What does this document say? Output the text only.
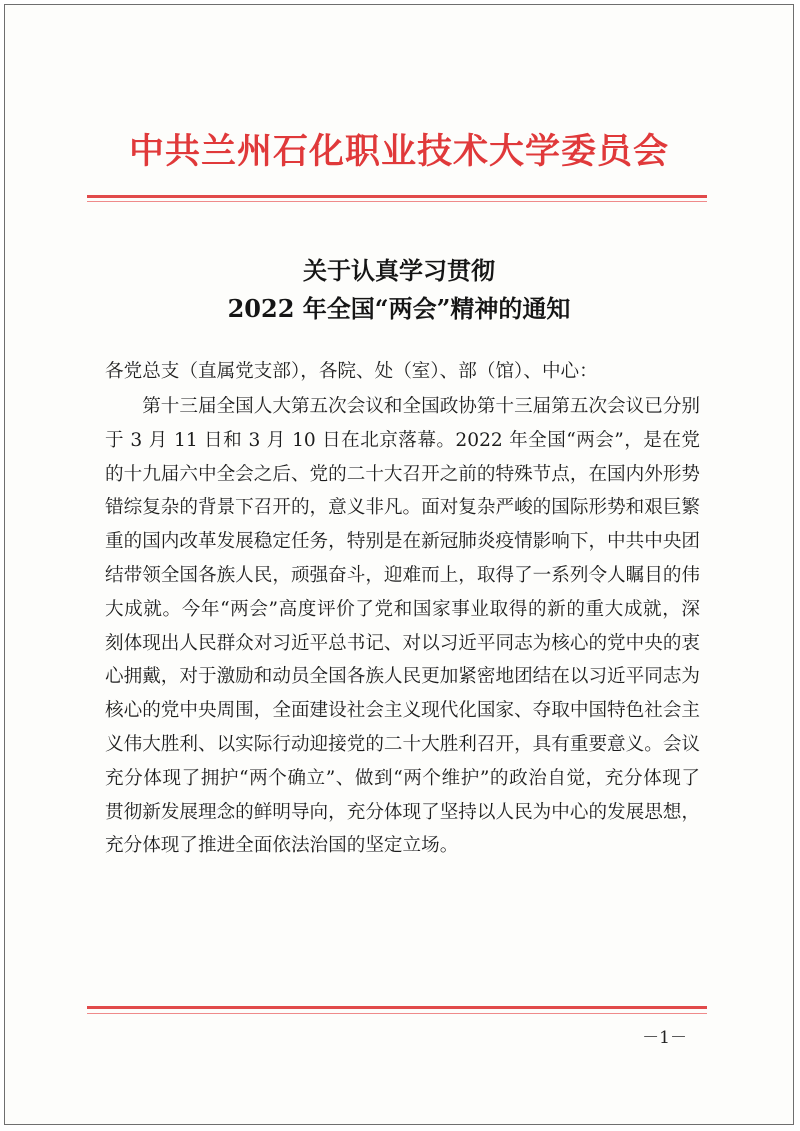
中共兰州石化职业技术大学委员会
关于认真学习贯彻
2022 年全国“两会”精神的通知
各党总支（直属党支部），各院、处（室）、部（馆）、中心：
第十三届全国人大第五次会议和全国政协第十三届第五次会议已分别于 3 月 11 日和 3 月 10 日在北京落幕。2022 年全国“两会”，是在党的十九届六中全会之后、党的二十大召开之前的特殊节点，在国内外形势错综复杂的背景下召开的，意义非凡。面对复杂严峻的国际形势和艰巨繁重的国内改革发展稳定任务，特别是在新冠肺炎疫情影响下，中共中央团结带领全国各族人民，顽强奋斗，迎难而上，取得了一系列令人瞩目的伟大成就。今年“两会”高度评价了党和国家事业取得的新的重大成就，深刻体现出人民群众对习近平总书记、对以习近平同志为核心的党中央的衷心拥戴，对于激励和动员全国各族人民更加紧密地团结在以习近平同志为核心的党中央周围，全面建设社会主义现代化国家、夺取中国特色社会主义伟大胜利、以实际行动迎接党的二十大胜利召开，具有重要意义。会议充分体现了拥护“两个确立”、做到“两个维护”的政治自觉，充分体现了贯彻新发展理念的鲜明导向，充分体现了坚持以人民为中心的发展思想，充分体现了推进全面依法治国的坚定立场。
－1－
